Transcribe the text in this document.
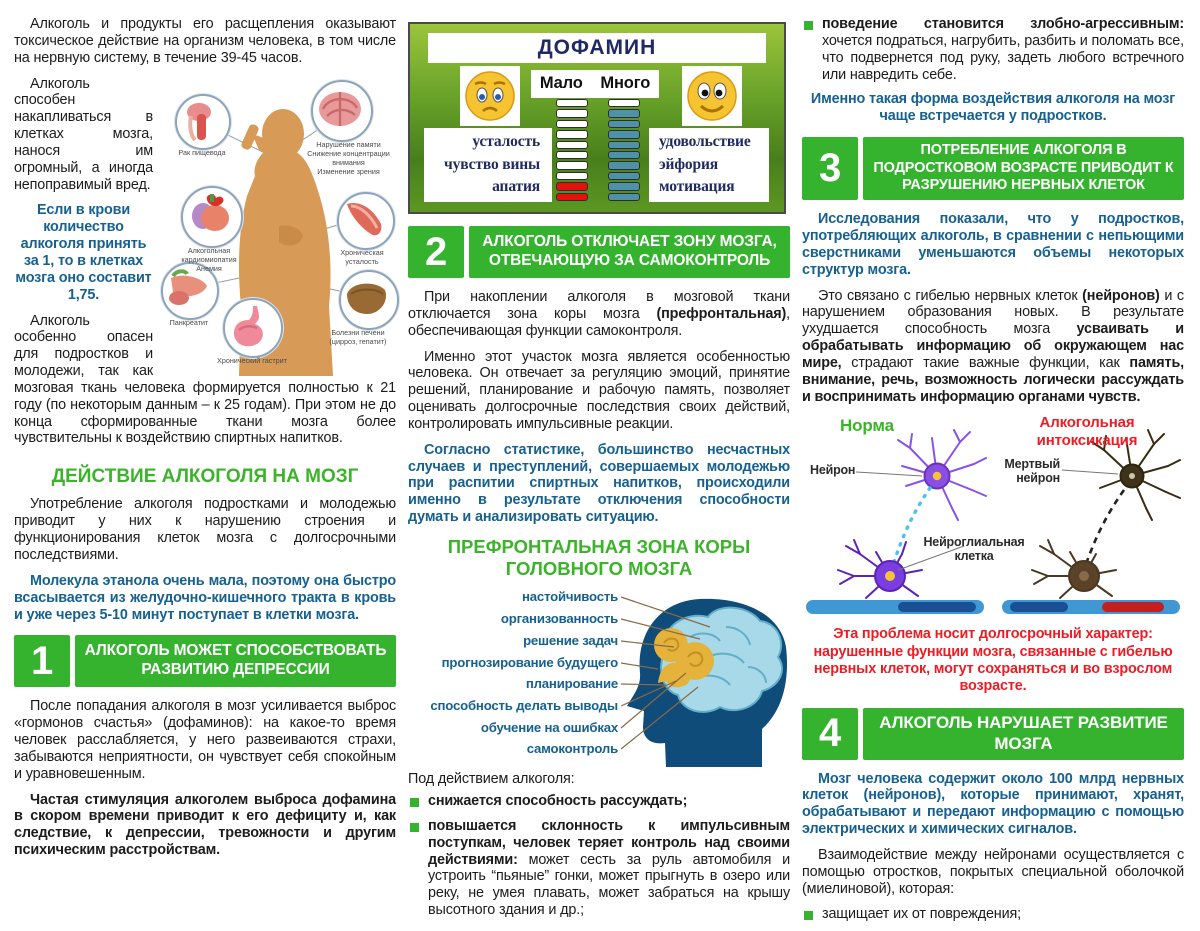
Алкоголь и продукты его расщепления оказывают токсическое действие на организм человека, в том числе на нервную систему, в течение 39-45 часов.

Рак пищевода
Нарушение памяти
Снижение концентрации
внимания
Изменение зрения
Алкогольная
кардиомиопатия
Анемия
Хроническая
усталость
Панкреатит
Болезни печени
(цирроз, гепатит)
Хронический гастрит

Алкоголь способен накапливаться в клетках мозга, нанося им огромный, а иногда непоправимый вред.

Если в крови количество алкоголя принять за 1, то в клетках мозга оно составит 1,75.

Алкоголь особенно опасен для подростков и молодежи, так как мозговая ткань человека формируется полностью к 21 году (по некоторым данным – к 25 годам). При этом не до конца сформированные ткани мозга более чувствительны к воздействию спиртных напитков.

ДЕЙСТВИЕ АЛКОГОЛЯ НА МОЗГ

Употребление алкоголя подростками и молодежью приводит у них к нарушению строения и функционирования клеток мозга с долгосрочными последствиями.

Молекула этанола очень мала, поэтому она быстро всасывается из желудочно-кишечного тракта в кровь и уже через 5-10 минут поступает в клетки мозга.

1	АЛКОГОЛЬ МОЖЕТ СПОСОБСТВОВАТЬ РАЗВИТИЮ ДЕПРЕССИИ

После попадания алкоголя в мозг усиливается выброс «гормонов счастья» (дофаминов): на какое-то время человек расслабляется, у него развеиваются страхи, забываются неприятности, он чувствует себя спокойным и уравновешенным.

Частая стимуляция алкоголем выброса дофамина в скором времени приводит к его дефициту и, как следствие, к депрессии, тревожности и другим психическим расстройствам.

ДОФАМИН
Мало Много
усталость
чувство вины
апатия
удовольствие
эйфория
мотивация
2	АЛКОГОЛЬ ОТКЛЮЧАЕТ ЗОНУ МОЗГА, ОТВЕЧАЮЩУЮ ЗА САМОКОНТРОЛЬ

При накоплении алкоголя в мозговой ткани отключается зона коры мозга (префронтальная), обеспечивающая функции самоконтроля.

Именно этот участок мозга является особенностью человека. Он отвечает за регуляцию эмоций, принятие решений, планирование и рабочую память, позволяет оценивать долгосрочные последствия своих действий, контролировать импульсивные реакции.

Согласно статистике, большинство несчастных случаев и преступлений, совершаемых молодежью при распитии спиртных напитков, происходили именно в результате отключения способности думать и анализировать ситуацию.

ПРЕФРОНТАЛЬНАЯ ЗОНА КОРЫ ГОЛОВНОГО МОЗГА
настойчивость
организованность
решение задач
прогнозирование будущего
планирование
способность делать выводы
обучение на ошибках
самоконтроль

Под действием алкоголя:

снижается способность рассуждать;
повышается склонность к импульсивным поступкам, человек теряет контроль над своими действиями: может сесть за руль автомобиля и устроить “пьяные” гонки, может прыгнуть в озеро или реку, не умея плавать, может забраться на крышу высотного здания и др.;
поведение становится злобно-агрессивным: хочется подраться, нагрубить, разбить и поломать все, что подвернется под руку, задеть любого встречного или навредить себе.

Именно такая форма воздействия алкоголя на мозг чаще встречается у подростков.

3	ПОТРЕБЛЕНИЕ АЛКОГОЛЯ В ПОДРОСТКОВОМ ВОЗРАСТЕ ПРИВОДИТ К РАЗРУШЕНИЮ НЕРВНЫХ КЛЕТОК

Исследования показали, что у подростков, употребляющих алкоголь, в сравнении с непьющими сверстниками уменьшаются объемы некоторых структур мозга.

Это связано с гибелью нервных клеток (нейронов) и с нарушением образования новых. В результате ухудшается способность мозга усваивать и обрабатывать информацию об окружающем нас мире, страдают такие важные функции, как память, внимание, речь, возможность логически рассуждать и воспринимать информацию органами чувств.

Норма	Алкогольная интоксикация
Нейрон
Нейроглиальная клетка
Мертвый нейрон

Эта проблема носит долгосрочный характер: нарушенные функции мозга, связанные с гибелью нервных клеток, могут сохраняться и во взрослом возрасте.

4	АЛКОГОЛЬ НАРУШАЕТ РАЗВИТИЕ МОЗГА

Мозг человека содержит около 100 млрд нервных клеток (нейронов), которые принимают, хранят, обрабатывают и передают информацию с помощью электрических и химических сигналов.

Взаимодействие между нейронами осуществляется с помощью отростков, покрытых специальной оболочкой (миелиновой), которая:

защищает их от повреждения;
